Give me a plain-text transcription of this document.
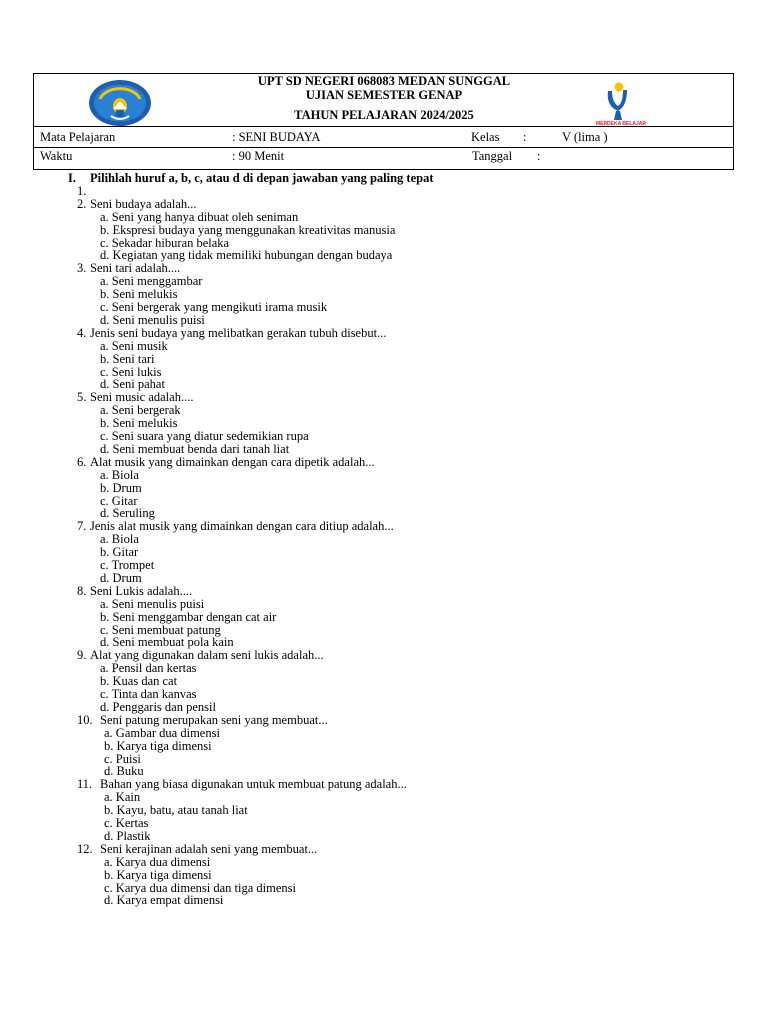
UPT SD NEGERI 068083 MEDAN SUNGGAL
UJIAN SEMESTER GENAP
TAHUN PELAJARAN 2024/2025
MERDEKA BELAJAR
Mata Pelajaran	: SENI BUDAYA	Kelas :	V (lima )
Waktu	: 90 Menit	Tanggal :
I. Pilihlah huruf a, b, c, atau d di depan jawaban yang paling tepat
1.
2. Seni budaya adalah...
a. Seni yang hanya dibuat oleh seniman
b. Ekspresi budaya yang menggunakan kreativitas manusia
c. Sekadar hiburan belaka
d. Kegiatan yang tidak memiliki hubungan dengan budaya
3. Seni tari adalah....
a. Seni menggambar
b. Seni melukis
c. Seni bergerak yang mengikuti irama musik
d. Seni menulis puisi
4. Jenis seni budaya yang melibatkan gerakan tubuh disebut...
a. Seni musik
b. Seni tari
c. Seni lukis
d. Seni pahat
5. Seni music adalah....
a. Seni bergerak
b. Seni melukis
c. Seni suara yang diatur sedemikian rupa
d. Seni membuat benda dari tanah liat
6. Alat musik yang dimainkan dengan cara dipetik adalah...
a. Biola
b. Drum
c. Gitar
d. Seruling
7. Jenis alat musik yang dimainkan dengan cara ditiup adalah...
a. Biola
b. Gitar
c. Trompet
d. Drum
8. Seni Lukis adalah....
a. Seni menulis puisi
b. Seni menggambar dengan cat air
c. Seni membuat patung
d. Seni membuat pola kain
9. Alat yang digunakan dalam seni lukis adalah...
a. Pensil dan kertas
b. Kuas dan cat
c. Tinta dan kanvas
d. Penggaris dan pensil
10. Seni patung merupakan seni yang membuat...
a. Gambar dua dimensi
b. Karya tiga dimensi
c. Puisi
d. Buku
11. Bahan yang biasa digunakan untuk membuat patung adalah...
a. Kain
b. Kayu, batu, atau tanah liat
c. Kertas
d. Plastik
12. Seni kerajinan adalah seni yang membuat...
a. Karya dua dimensi
b. Karya tiga dimensi
c. Karya dua dimensi dan tiga dimensi
d. Karya empat dimensi
